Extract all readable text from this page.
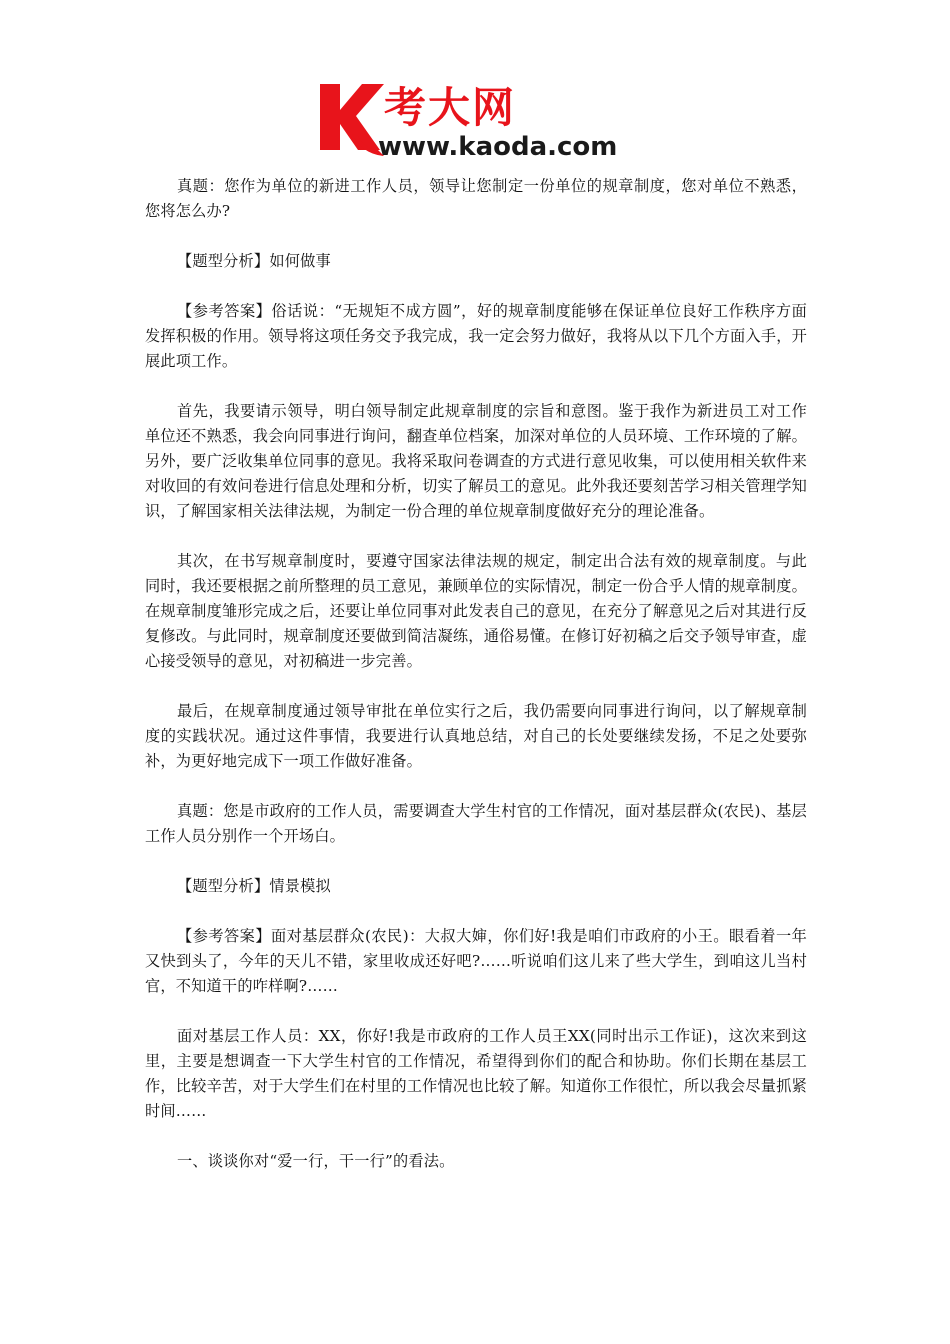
考大网
www.kaoda.com

真题：您作为单位的新进工作人员，领导让您制定一份单位的规章制度，您对单位不熟悉，您将怎么办?

【题型分析】如何做事

【参考答案】俗话说：“无规矩不成方圆”，好的规章制度能够在保证单位良好工作秩序方面发挥积极的作用。领导将这项任务交予我完成，我一定会努力做好，我将从以下几个方面入手，开展此项工作。

首先，我要请示领导，明白领导制定此规章制度的宗旨和意图。鉴于我作为新进员工对工作单位还不熟悉，我会向同事进行询问，翻查单位档案，加深对单位的人员环境、工作环境的了解。另外，要广泛收集单位同事的意见。我将采取问卷调查的方式进行意见收集，可以使用相关软件来对收回的有效问卷进行信息处理和分析，切实了解员工的意见。此外我还要刻苦学习相关管理学知识，了解国家相关法律法规，为制定一份合理的单位规章制度做好充分的理论准备。

其次，在书写规章制度时，要遵守国家法律法规的规定，制定出合法有效的规章制度。与此同时，我还要根据之前所整理的员工意见，兼顾单位的实际情况，制定一份合乎人情的规章制度。在规章制度雏形完成之后，还要让单位同事对此发表自己的意见，在充分了解意见之后对其进行反复修改。与此同时，规章制度还要做到简洁凝练，通俗易懂。在修订好初稿之后交予领导审查，虚心接受领导的意见，对初稿进一步完善。

最后，在规章制度通过领导审批在单位实行之后，我仍需要向同事进行询问，以了解规章制度的实践状况。通过这件事情，我要进行认真地总结，对自己的长处要继续发扬，不足之处要弥补，为更好地完成下一项工作做好准备。

真题：您是市政府的工作人员，需要调查大学生村官的工作情况，面对基层群众(农民)、基层工作人员分别作一个开场白。

【题型分析】情景模拟

【参考答案】面对基层群众(农民)：大叔大婶，你们好!我是咱们市政府的小王。眼看着一年又快到头了，今年的天儿不错，家里收成还好吧?……听说咱们这儿来了些大学生，到咱这儿当村官，不知道干的咋样啊?……

面对基层工作人员：XX，你好!我是市政府的工作人员王XX(同时出示工作证)，这次来到这里，主要是想调查一下大学生村官的工作情况，希望得到你们的配合和协助。你们长期在基层工作，比较辛苦，对于大学生们在村里的工作情况也比较了解。知道你工作很忙，所以我会尽量抓紧时间……

一、谈谈你对“爱一行，干一行”的看法。
